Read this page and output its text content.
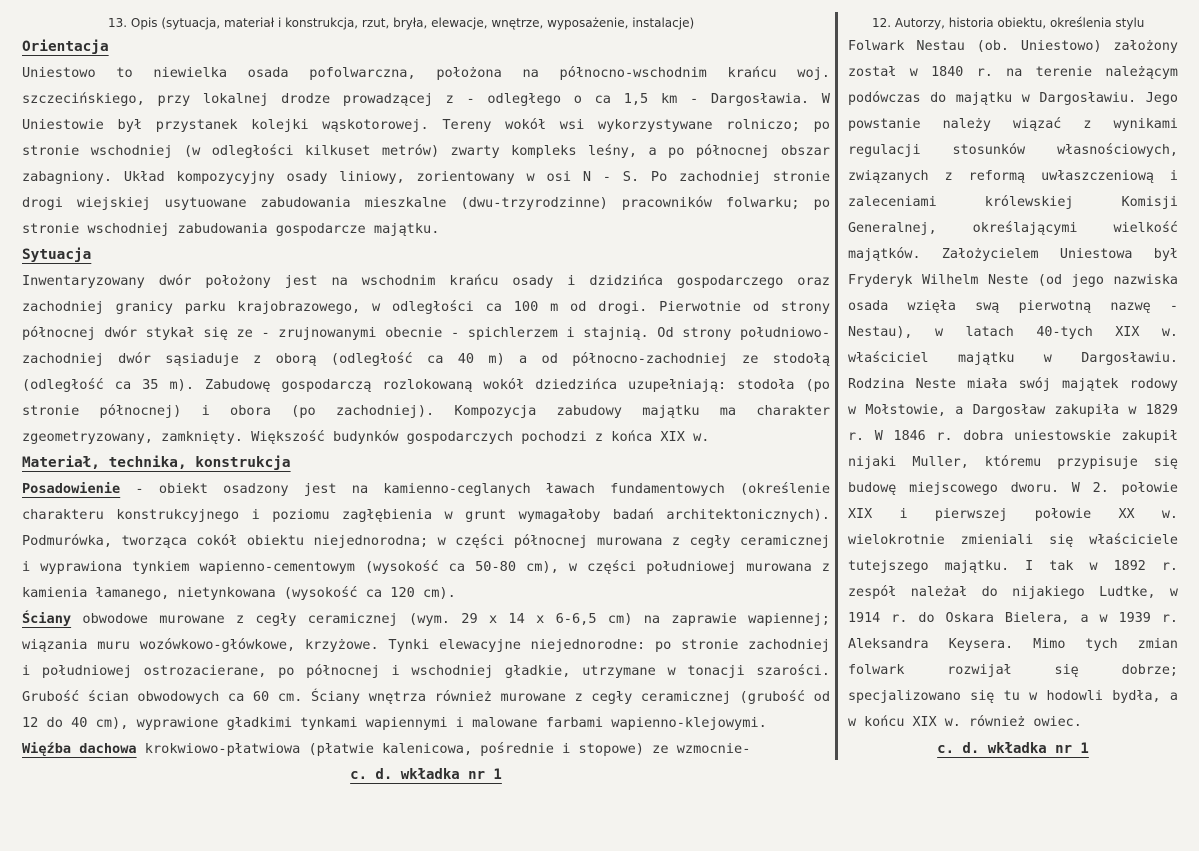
13. Opis (sytuacja, materiał i konstrukcja, rzut, bryła, elewacje, wnętrze, wyposażenie, instalacje)
Orientacja
Uniestowo to niewielka osada pofolwarczna, położona na północno-wschodnim krańcu woj. szczecińskiego, przy lokalnej drodze prowadzącej z - odległego o ca 1,5 km - Dargosławia. W Uniestowie był przystanek kolejki wąskotorowej. Tereny wokół wsi wykorzystywane rolniczo; po stronie wschodniej (w odległości kilkuset metrów) zwarty kompleks leśny, a po północnej obszar zabagniony. Układ kompozycyjny osady liniowy, zorientowany w osi N - S. Po zachodniej stronie drogi wiejskiej usytuowane zabudowania mieszkalne (dwu-trzyrodzinne) pracowników folwarku; po stronie wschodniej zabudowania gospodarcze majątku.
Sytuacja
Inwentaryzowany dwór położony jest na wschodnim krańcu osady i dzidzińca gospodarczego oraz zachodniej granicy parku krajobrazowego, w odległości ca 100 m od drogi. Pierwotnie od strony północnej dwór stykał się ze - zrujnowanymi obecnie - spichlerzem i stajnią. Od strony południowo-zachodniej dwór sąsiaduje z oborą (odległość ca 40 m) a od północno-zachodniej ze stodołą (odległość ca 35 m). Zabudowę gospodarczą rozlokowaną wokół dziedzińca uzupełniają: stodoła (po stronie północnej) i obora (po zachodniej). Kompozycja zabudowy majątku ma charakter zgeometryzowany, zamknięty. Większość budynków gospodarczych pochodzi z końca XIX w.
Materiał, technika, konstrukcja
Posadowienie - obiekt osadzony jest na kamienno-ceglanych ławach fundamentowych (określenie charakteru konstrukcyjnego i poziomu zagłębienia w grunt wymagałoby badań architektonicznych). Podmurówka, tworząca cokół obiektu niejednorodna; w części północnej murowana z cegły ceramicznej i wyprawiona tynkiem wapienno-cementowym (wysokość ca 50-80 cm), w części południowej murowana z kamienia łamanego, nietynkowana (wysokość ca 120 cm).
Ściany obwodowe murowane z cegły ceramicznej (wym. 29 x 14 x 6-6,5 cm) na zaprawie wapiennej; wiązania muru wozówkowo-główkowe, krzyżowe. Tynki elewacyjne niejednorodne: po stronie zachodniej i południowej ostrozacierane, po północnej i wschodniej gładkie, utrzymane w tonacji szarości. Grubość ścian obwodowych ca 60 cm. Ściany wnętrza również murowane z cegły ceramicznej (grubość od 12 do 40 cm), wyprawione gładkimi tynkami wapiennymi i malowane farbami wapienno-klejowymi.
Więźba dachowa krokwiowo-płatwiowa (płatwie kalenicowa, pośrednie i stopowe) ze wzmocnie-
c. d. wkładka nr 1
12. Autorzy, historia obiektu, określenia stylu
Folwark Nestau (ob. Uniestowo) założony został w 1840 r. na terenie należącym podówczas do majątku w Dargosławiu. Jego powstanie należy wiązać z wynikami regulacji stosunków własnościowych, związanych z reformą uwłaszczeniową i zaleceniami królewskiej Komisji Generalnej, określającymi wielkość majątków. Założycielem Uniestowa był Fryderyk Wilhelm Neste (od jego nazwiska osada wzięła swą pierwotną nazwę - Nestau), w latach 40-tych XIX w. właściciel majątku w Dargosławiu. Rodzina Neste miała swój majątek rodowy w Mołstowie, a Dargosław zakupiła w 1829 r. W 1846 r. dobra uniestowskie zakupił nijaki Muller, któremu przypisuje się budowę miejscowego dworu. W 2. połowie XIX i pierwszej połowie XX w. wielokrotnie zmieniali się właściciele tutejszego majątku. I tak w 1892 r. zespół należał do nijakiego Ludtke, w 1914 r. do Oskara Bielera, a w 1939 r. Aleksandra Keysera. Mimo tych zmian folwark rozwijał się dobrze; specjalizowano się tu w hodowli bydła, a w końcu XIX w. również owiec.
c. d. wkładka nr 1
